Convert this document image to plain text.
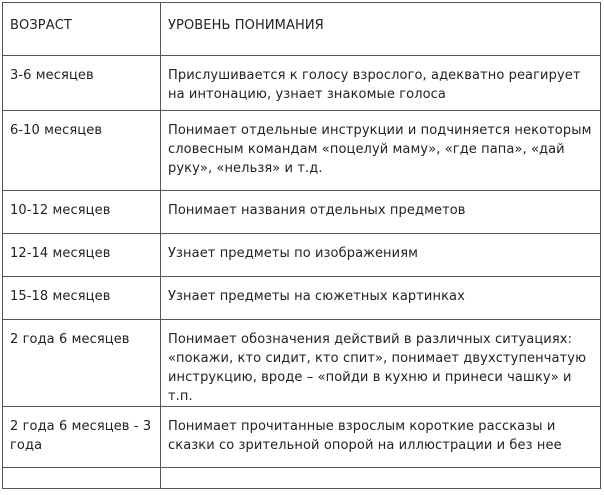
ВОЗРАСТ	УРОВЕНЬ ПОНИМАНИЯ

3-6 месяцев	Прислушивается к голосу взрослого, адекватно реагирует на интонацию, узнает знакомые голоса

6-10 месяцев	Понимает отдельные инструкции и подчиняется некоторым словесным командам «поцелуй маму», «где папа», «дай руку», «нельзя» и т.д.

10-12 месяцев	Понимает названия отдельных предметов

12-14 месяцев	Узнает предметы по изображениям

15-18 месяцев	Узнает предметы на сюжетных картинках

2 года 6 месяцев	Понимает обозначения действий в различных ситуациях: «покажи, кто сидит, кто спит», понимает двухступенчатую инструкцию, вроде – «пойди в кухню и принеси чашку» и т.п.

2 года 6 месяцев - 3 года	Понимает прочитанные взрослым короткие рассказы и сказки со зрительной опорой на иллюстрации и без нее
